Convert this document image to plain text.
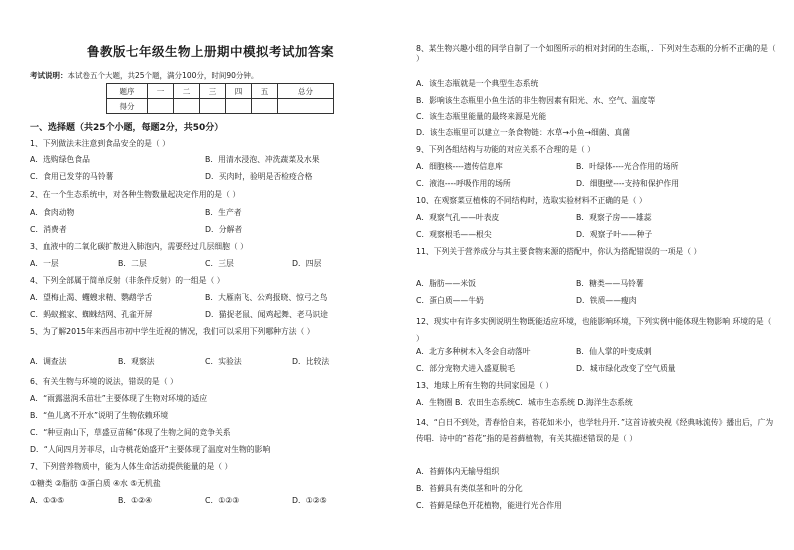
鲁教版七年级生物上册期中模拟考试加答案
考试说明：本试卷五个大题，共25个题，满分100分，时间90分钟。
题序	一	二	三	四	五	总分
得分						
一、选择题（共25个小题，每题2分，共50分）
1、下列做法未注意到食品安全的是（ ）
A．选购绿色食品	B．用清水浸泡、冲洗蔬菜及水果
C．食用已发芽的马铃薯	D．买肉时，验明是否检疫合格
2、在一个生态系统中，对各种生物数量起决定作用的是（ ）
A．食肉动物	B．生产者
C．消费者	D．分解者
3、血液中的二氧化碳扩散进入肺泡内，需要经过几层细胞（ ）
A．一层	B．二层	C．三层	D．四层
4、下列全部属于简单反射（非条件反射）的一组是（ ）
A．望梅止渴、蠼螋求精、鹦鹉学舌	B．大雁南飞、公鸡报晓、惊弓之鸟
C．蚂蚁搬家、蜘蛛结网、孔雀开屏	D．猫捉老鼠、闻鸡起舞、老马识途
5、为了解2015年来西昌市初中学生近视的情况，我们可以采用下列哪种方法（ ）
A．调查法	B．观察法	C．实验法	D．比较法
6、有关生物与环境的说法，错误的是（ ）
A．“雨露滋润禾苗壮”主要体现了生物对环境的适应
B．“鱼儿离不开水”说明了生物依赖环境
C．“种豆南山下，草盛豆苗稀”体现了生物之间的竞争关系
D．“人间四月芳菲尽，山寺桃花始盛开”主要体现了温度对生物的影响
7、下列营养物质中，能为人体生命活动提供能量的是（ ）
①糖类 ②脂肪 ③蛋白质 ④水 ⑤无机盐
A．①③⑤	B．①②④	C．①②③	D．①②⑤
8、某生物兴趣小组的同学自制了一个如图所示的相对封闭的生态瓶，．下列对生态瓶的分析不正确的是（ ）
A．该生态瓶就是一个典型生态系统
B．影响该生态瓶里小鱼生活的非生物因素有阳光、水、空气、温度等
C．该生态瓶里能量的最终来源是光能
D．该生态瓶里可以建立一条食物链：水草→小鱼→细菌、真菌
9、下列各组结构与功能的对应关系不合理的是（ ）
A．细胞核----遗传信息库	B．叶绿体----光合作用的场所
C．液泡----呼吸作用的场所	D．细胞壁----支持和保护作用
10、在观察菜豆植株的不同结构时，选取实验材料不正确的是（ ）
A．观察气孔——叶表皮	B．观察子房——雄蕊
C．观察根毛——根尖	D．观察子叶——种子
11、下列关于营养成分与其主要食物来源的搭配中，你认为搭配错误的一项是（ ）
A．脂肪——米饭	B．糖类——马铃薯
C．蛋白质——牛奶	D．铁质——瘦肉
12、现实中有许多实例说明生物既能适应环境，也能影响环境，下列实例中能体现生物影响 环境的是（ ）
A．北方多种树木入冬会自动落叶	B．仙人掌的叶变成刺
C．部分宠物犬进入盛夏脱毛	D．城市绿化改变了空气质量
13、地球上所有生物的共同家园是（ ）
A．生物圈 B．农田生态系统C．城市生态系统 D.海洋生态系统
14、“白日不到处，青春恰自来，苔花如米小，也学牡丹开．”这首诗被央视《经典咏流传》播出后，广为传唱．诗中的“苔花”指的是苔藓植物，有关其描述错误的是（ ）
A．苔藓体内无输导组织
B．苔藓具有类似茎和叶的分化
C．苔藓是绿色开花植物，能进行光合作用
